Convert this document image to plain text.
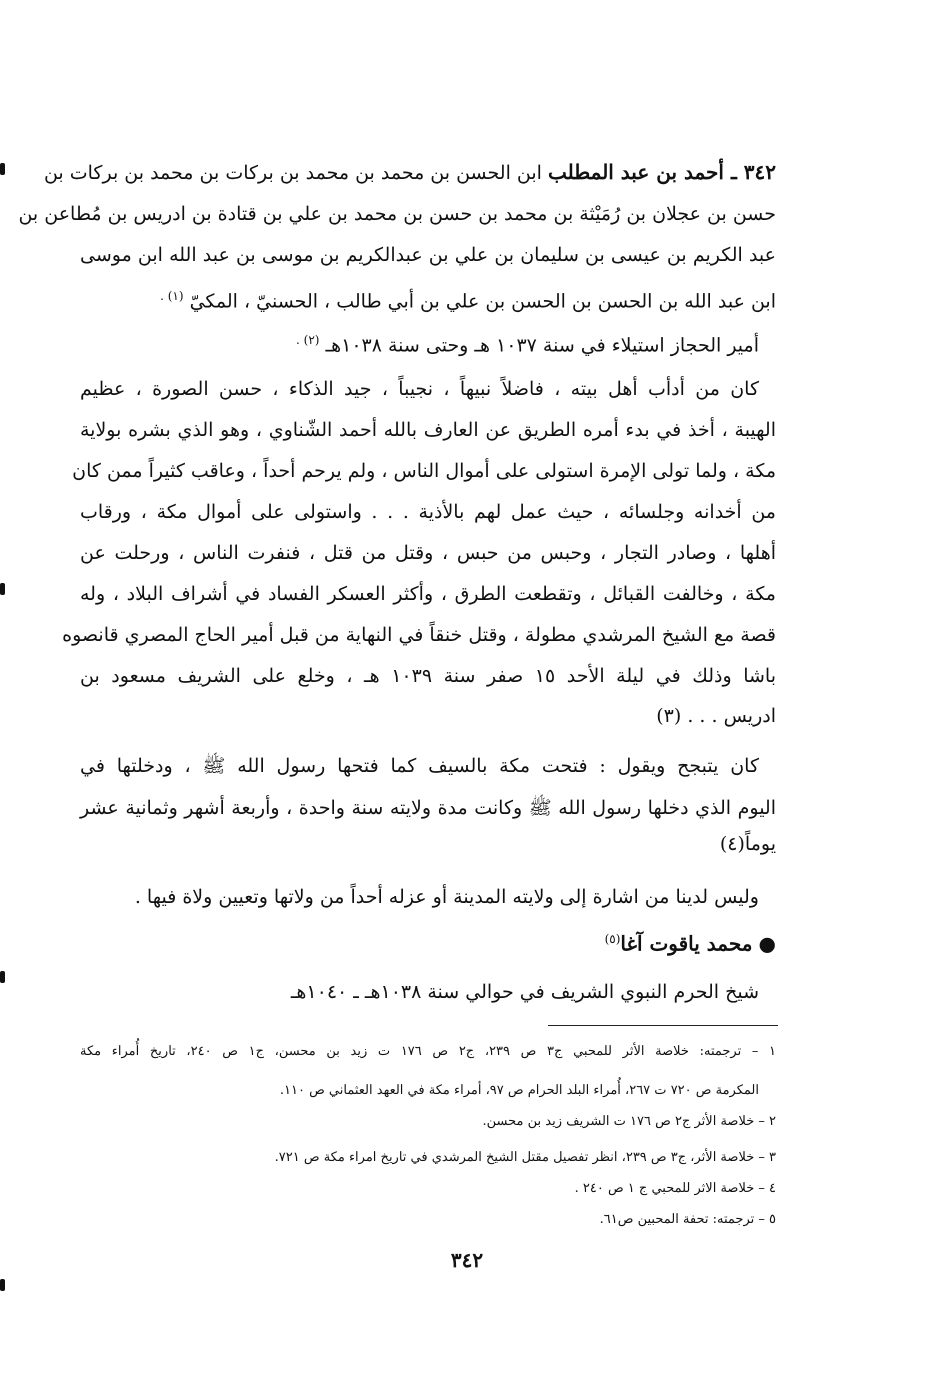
٣٤٢ ـ أحمد بن عبد المطلب ابن الحسن بن محمد بن محمد بن بركات بن محمد بن بركات بن
حسن بن عجلان بن رُمَيْثة بن محمد بن حسن بن محمد بن علي بن قتادة بن ادريس بن مُطاعن بن
عبد الكريم بن عيسى بن سليمان بن علي بن عبدالكريم بن موسى بن عبد الله ابن موسى
ابن عبد الله بن الحسن بن الحسن بن علي بن أبي طالب ، الحسنيّ ، المكيّ $^{(١) .}$
أمير الحجاز استيلاء في سنة ١٠٣٧ هـ وحتى سنة ١٠٣٨هـ $^{(٢) .}$
كان من أدأب أهل بيته ، فاضلاً نبيهاً ، نجيباً ، جيد الذكاء ، حسن الصورة ، عظيم
الهيبة ، أخذ في بدء أمره الطريق عن العارف بالله أحمد الشّناوي ، وهو الذي بشره بولاية
مكة ، ولما تولى الإمرة استولى على أموال الناس ، ولم يرحم أحداً ، وعاقب كثيراً ممن كان
من أخدانه وجلسائه ، حيث عمل لهم بالأذية . . . واستولى على أموال مكة ، ورقاب
أهلها ، وصادر التجار ، وحبس من حبس ، وقتل من قتل ، فنفرت الناس ، ورحلت عن
مكة ، وخالفت القبائل ، وتقطعت الطرق ، وأكثر العسكر الفساد في أشراف البلاد ، وله
قصة مع الشيخ المرشدي مطولة ، وقتل خنقاً في النهاية من قبل أمير الحاج المصري قانصوه
باشا وذلك في ليلة الأحد ١٥ صفر سنة ١٠٣٩ هـ ، وخلع على الشريف مسعود بن
ادريس . . . (٣)
كان يتبجح ويقول : فتحت مكة بالسيف كما فتحها رسول الله ﷺ ، ودخلتها في
اليوم الذي دخلها رسول الله ﷺ وكانت مدة ولايته سنة واحدة ، وأربعة أشهر وثمانية عشر
يوماً(٤)
وليس لدينا من اشارة إلى ولايته المدينة أو عزله أحداً من ولاتها وتعيين ولاة فيها .
● محمد ياقوت آغا$^{(٥)}$
شيخ الحرم النبوي الشريف في حوالي سنة ١٠٣٨هـ ـ ١٠٤٠هـ
١ – ترجمته: خلاصة الأثر للمحبي ج٣ ص ٢٣٩، ج٢ ص ١٧٦ ت زيد بن محسن، ج١ ص ٢٤٠، تاريخ أُمراء مكة
المكرمة ص ٧٢٠ ت ٢٦٧، أُمراء البلد الحرام ص ٩٧، أمراء مكة في العهد العثماني ص ١١٠.
٢ – خلاصة الأثر ج٢ ص ١٧٦ ت الشريف زيد بن محسن.
٣ – خلاصة الأثر، ج٣ ص ٢٣٩، انظر تفصيل مقتل الشيخ المرشدي في تاريخ امراء مكة ص ٧٢١.
٤ – خلاصة الاثر للمحبي ج ١ ص ٢٤٠ .
٥ – ترجمته: تحفة المحبين ص٦١.
٣٤٢
